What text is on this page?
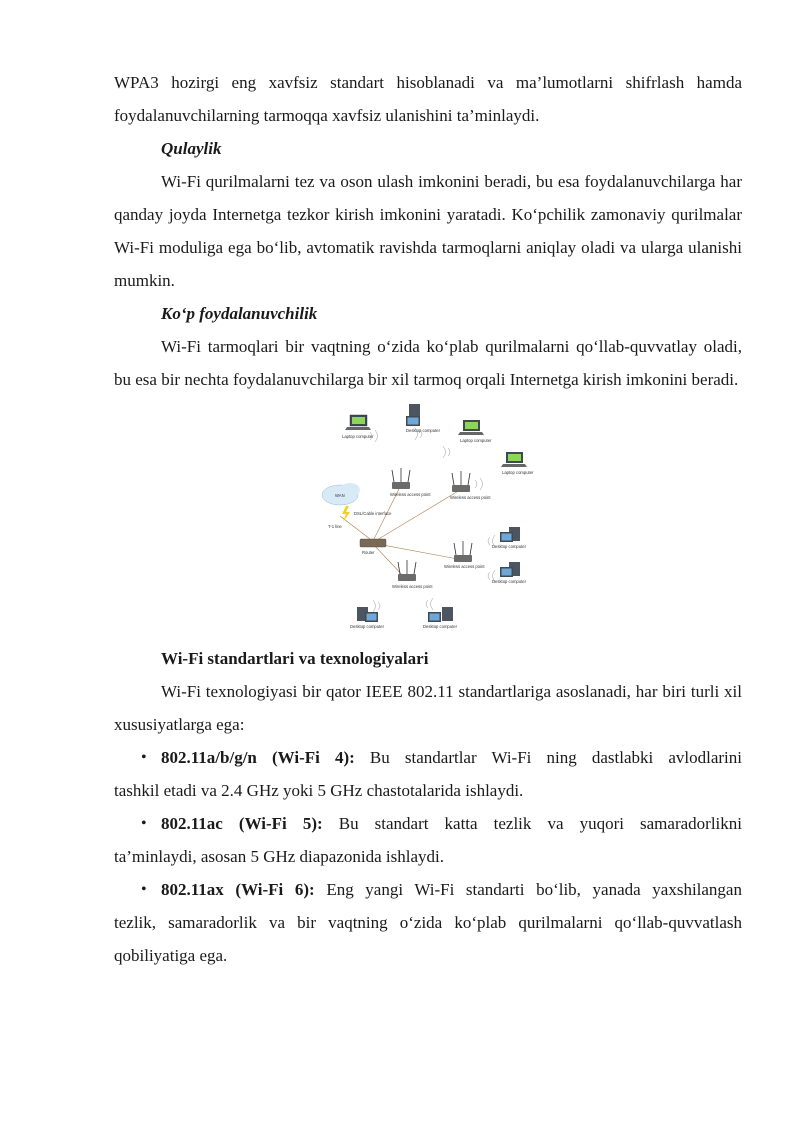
WPA3 hozirgi eng xavfsiz standart hisoblanadi va ma’lumotlarni shifrlash hamda foydalanuvchilarning tarmoqqa xavfsiz ulanishini ta’minlaydi.

Qulaylik

Wi-Fi qurilmalarni tez va oson ulash imkonini beradi, bu esa foydalanuvchilarga har qanday joyda Internetga tezkor kirish imkonini yaratadi. Ko‘pchilik zamonaviy qurilmalar Wi-Fi moduliga ega bo‘lib, avtomatik ravishda tarmoqlarni aniqlay oladi va ularga ulanishi mumkin.

Ko‘p foydalanuvchilik

Wi-Fi tarmoqlari bir vaqtning o‘zida ko‘plab qurilmalarni qo‘llab-quvvatlay oladi, bu esa bir nechta foydalanuvchilarga bir xil tarmoq orqali Internetga kirish imkonini beradi.

Laptop computer
Desktop computer
Laptop computer
Laptop computer
Wireless access point
Wireless access point
WAN
DSL/Cable interface
T-1 line
Router
Wireless access point
Desktop computer
Desktop computer
Wireless access point
Desktop computer	Desktop computer
Wi-Fi standartlari va texnologiyalari

Wi-Fi texnologiyasi bir qator IEEE 802.11 standartlariga asoslanadi, har biri turli xil xususiyatlarga ega:

• 802.11a/b/g/n (Wi-Fi 4): Bu standartlar Wi-Fi ning dastlabki avlodlarini
tashkil etadi va 2.4 GHz yoki 5 GHz chastotalarida ishlaydi.
• 802.11ac (Wi-Fi 5): Bu standart katta tezlik va yuqori samaradorlikni
ta’minlaydi, asosan 5 GHz diapazonida ishlaydi.
• 802.11ax (Wi-Fi 6): Eng yangi Wi-Fi standarti bo‘lib, yanada yaxshilangan
tezlik, samaradorlik va bir vaqtning o‘zida ko‘plab qurilmalarni qo‘llab-quvvatlash qobiliyatiga ega.
